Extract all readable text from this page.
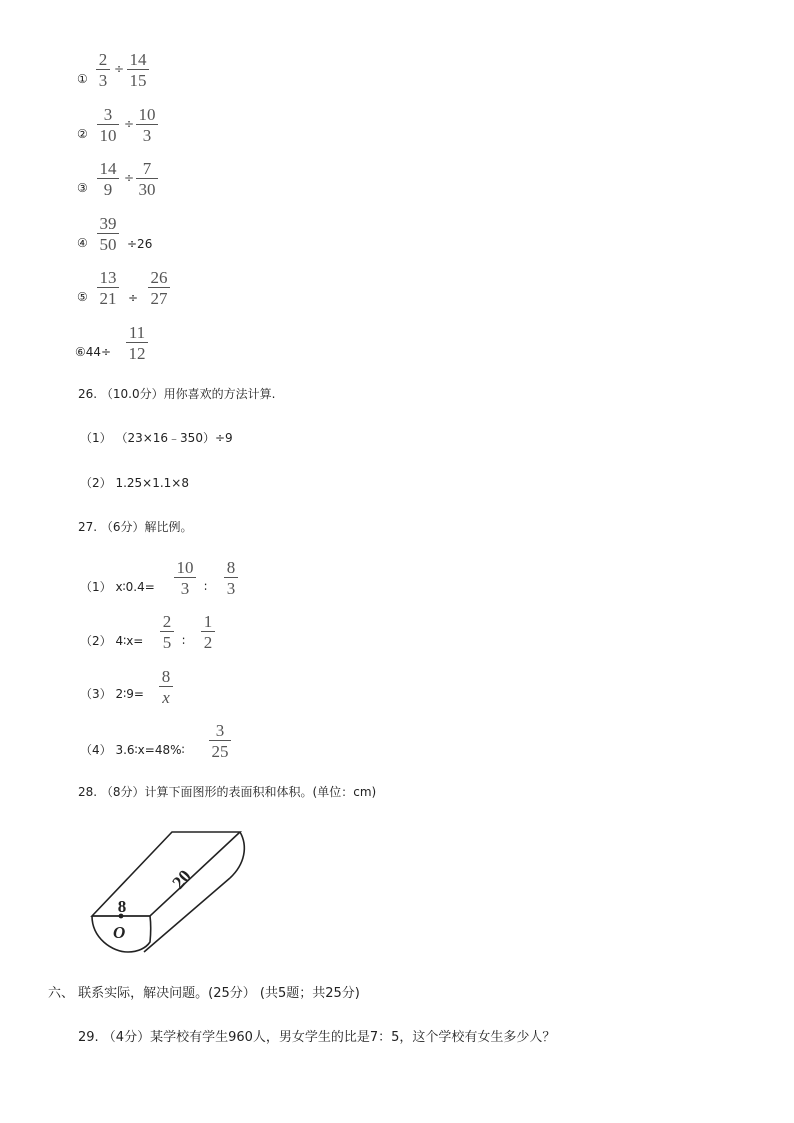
①
2
3
÷ 14
15
②
3
10
÷ 10
3
③
14
9
÷ 7
30
④
39
50 ÷26
⑤
13
21 ÷
26
27
⑥44÷
11
12
26. （10.0分）用你喜欢的方法计算.
（1） （23×16﹣350）÷9
（2） 1.25×1.1×8
27. （6分）解比例。
（1） x∶0.4=
10
3	∶
8
3
（2） 4∶x=
2
5 ∶
1
2
（3） 2∶9=
8
x
（4） 3.6∶x=48%∶
3
25
28. （8分）计算下面图形的表面积和体积。(单位：cm)
8
O
20
六、 联系实际，解决问题。(25分） (共5题；共25分)
29. （4分）某学校有学生960人，男女学生的比是7：5，这个学校有女生多少人？
